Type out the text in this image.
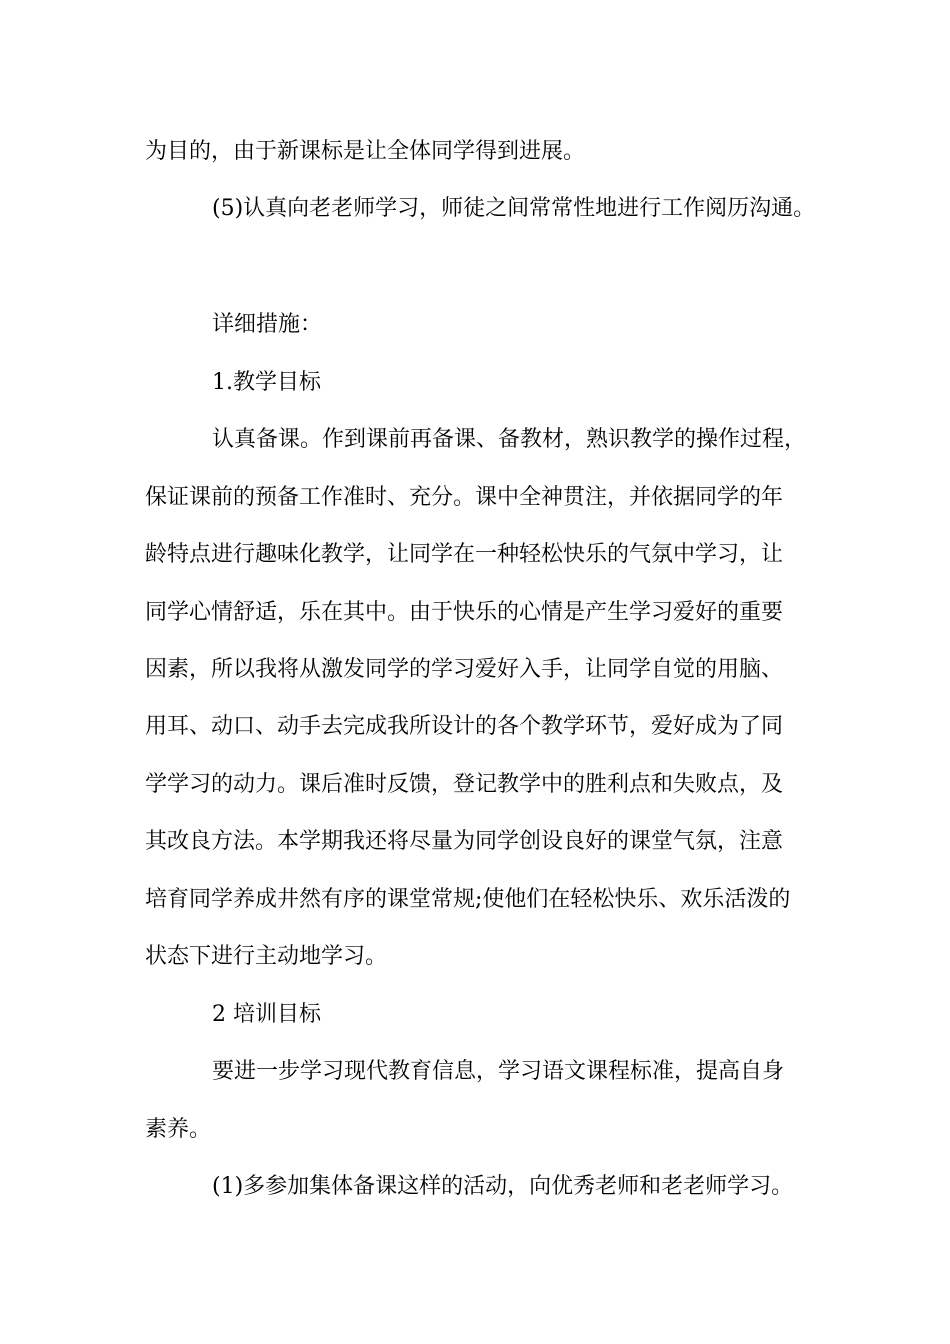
为目的，由于新课标是让全体同学得到进展。
(5)认真向老老师学习，师徒之间常常性地进行工作阅历沟通。
详细措施：
1.教学目标
认真备课。作到课前再备课、备教材，熟识教学的操作过程，
保证课前的预备工作准时、充分。课中全神贯注，并依据同学的年
龄特点进行趣味化教学，让同学在一种轻松快乐的气氛中学习，让
同学心情舒适，乐在其中。由于快乐的心情是产生学习爱好的重要
因素，所以我将从激发同学的学习爱好入手，让同学自觉的用脑、
用耳、动口、动手去完成我所设计的各个教学环节，爱好成为了同
学学习的动力。课后准时反馈，登记教学中的胜利点和失败点，及
其改良方法。本学期我还将尽量为同学创设良好的课堂气氛，注意
培育同学养成井然有序的课堂常规;使他们在轻松快乐、欢乐活泼的
状态下进行主动地学习。
2 培训目标
要进一步学习现代教育信息，学习语文课程标准，提高自身
素养。
(1)多参加集体备课这样的活动，向优秀老师和老老师学习。
